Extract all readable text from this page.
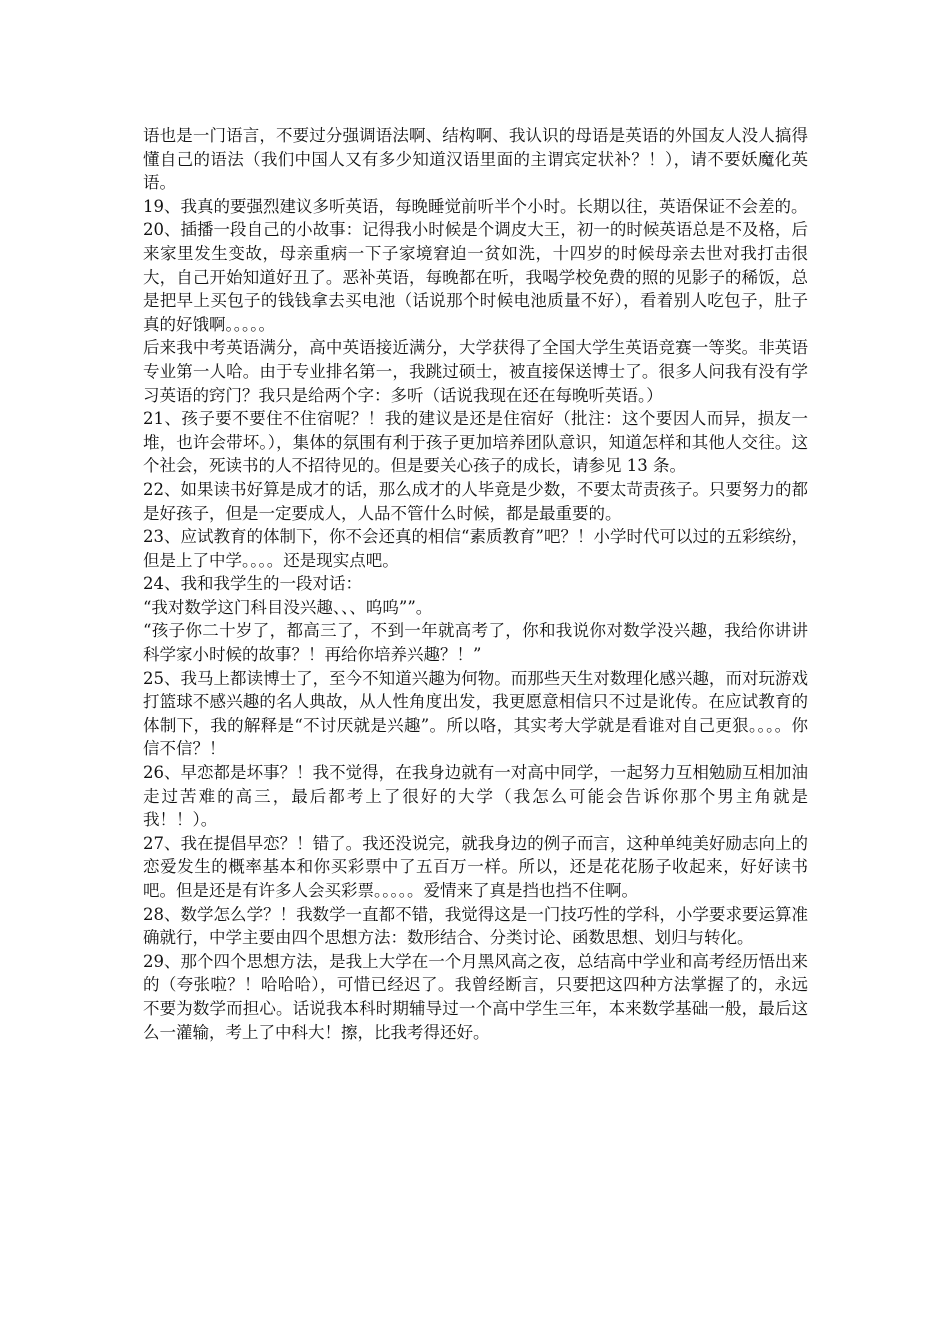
语也是一门语言，不要过分强调语法啊、结构啊、我认识的母语是英语的外国友人没人搞得懂自己的语法（我们中国人又有多少知道汉语里面的主谓宾定状补？！），请不要妖魔化英语。

19、我真的要强烈建议多听英语，每晚睡觉前听半个小时。长期以往，英语保证不会差的。

20、插播一段自己的小故事：记得我小时候是个调皮大王，初一的时候英语总是不及格，后来家里发生变故，母亲重病一下子家境窘迫一贫如洗，十四岁的时候母亲去世对我打击很大，自己开始知道好丑了。恶补英语，每晚都在听，我喝学校免费的照的见影子的稀饭，总是把早上买包子的钱钱拿去买电池（话说那个时候电池质量不好），看着别人吃包子，肚子真的好饿啊。。。。。

后来我中考英语满分，高中英语接近满分，大学获得了全国大学生英语竞赛一等奖。非英语专业第一人哈。由于专业排名第一，我跳过硕士，被直接保送博士了。很多人问我有没有学习英语的窍门？我只是给两个字：多听（话说我现在还在每晚听英语。）

21、孩子要不要住不住宿呢？！我的建议是还是住宿好（批注：这个要因人而异，损友一堆，也许会带坏。），集体的氛围有利于孩子更加培养团队意识，知道怎样和其他人交往。这个社会，死读书的人不招待见的。但是要关心孩子的成长，请参见 13 条。

22、如果读书好算是成才的话，那么成才的人毕竟是少数，不要太苛责孩子。只要努力的都是好孩子，但是一定要成人，人品不管什么时候，都是最重要的。

23、应试教育的体制下，你不会还真的相信“素质教育”吧？！小学时代可以过的五彩缤纷，但是上了中学。。。。还是现实点吧。

24、我和我学生的一段对话：

“我对数学这门科目没兴趣、、、呜呜””。

“孩子你二十岁了，都高三了，不到一年就高考了，你和我说你对数学没兴趣，我给你讲讲科学家小时候的故事？！再给你培养兴趣？！”

25、我马上都读博士了，至今不知道兴趣为何物。而那些天生对数理化感兴趣，而对玩游戏打篮球不感兴趣的名人典故，从人性角度出发，我更愿意相信只不过是讹传。在应试教育的体制下，我的解释是“不讨厌就是兴趣”。所以咯，其实考大学就是看谁对自己更狠。。。。你信不信？！

26、早恋都是坏事？！我不觉得，在我身边就有一对高中同学，一起努力互相勉励互相加油走过苦难的高三，最后都考上了很好的大学（我怎么可能会告诉你那个男主角就是我！！）。

27、我在提倡早恋？！错了。我还没说完，就我身边的例子而言，这种单纯美好励志向上的恋爱发生的概率基本和你买彩票中了五百万一样。所以，还是花花肠子收起来，好好读书吧。但是还是有许多人会买彩票。。。。。爱情来了真是挡也挡不住啊。

28、数学怎么学？！我数学一直都不错，我觉得这是一门技巧性的学科，小学要求要运算准确就行，中学主要由四个思想方法：数形结合、分类讨论、函数思想、划归与转化。

29、那个四个思想方法，是我上大学在一个月黑风高之夜，总结高中学业和高考经历悟出来的（夸张啦？！哈哈哈），可惜已经迟了。我曾经断言，只要把这四种方法掌握了的，永远不要为数学而担心。话说我本科时期辅导过一个高中学生三年，本来数学基础一般，最后这么一灌输，考上了中科大！擦，比我考得还好。
